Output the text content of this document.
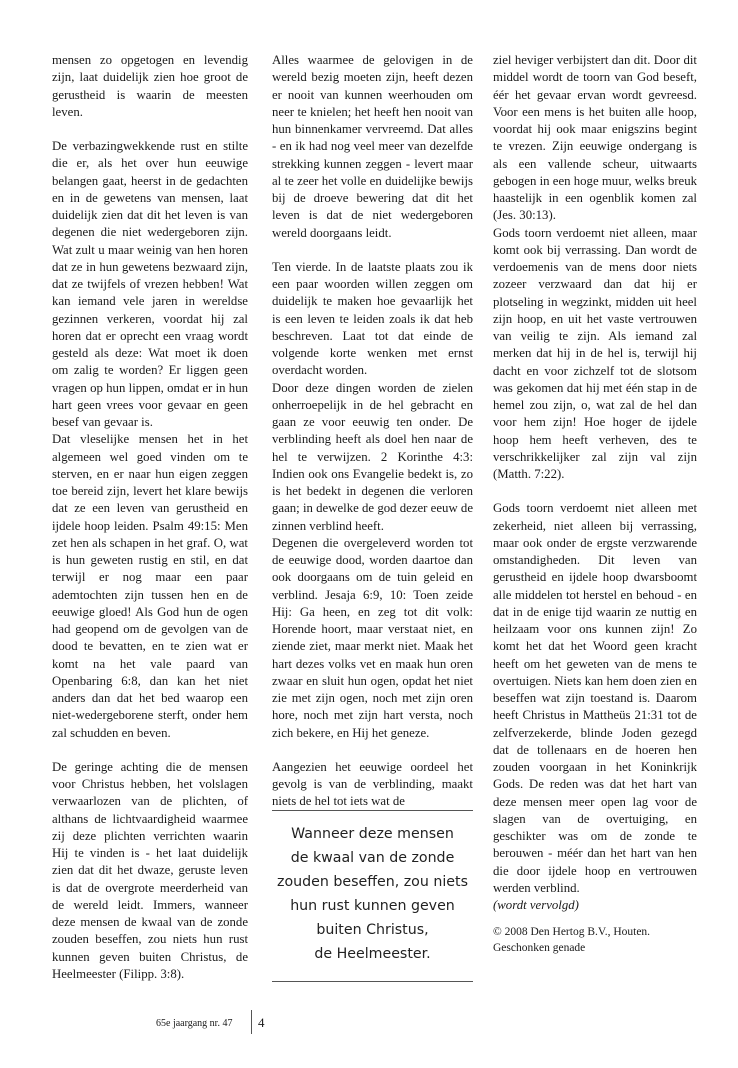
mensen zo opgetogen en levendig zijn, laat duidelijk zien hoe groot de gerustheid is waarin de meesten leven.

De verbazingwekkende rust en stilte die er, als het over hun eeuwige belangen gaat, heerst in de gedachten en in de gewetens van mensen, laat duidelijk zien dat dit het leven is van degenen die niet wedergeboren zijn. Wat zult u maar weinig van hen horen dat ze in hun gewetens bezwaard zijn, dat ze twijfels of vrezen hebben! Wat kan iemand vele jaren in wereldse gezinnen verkeren, voordat hij zal horen dat er oprecht een vraag wordt gesteld als deze: Wat moet ik doen om zalig te worden? Er liggen geen vragen op hun lippen, omdat er in hun hart geen vrees voor gevaar en geen besef van gevaar is.

Dat vleselijke mensen het in het algemeen wel goed vinden om te sterven, en er naar hun eigen zeggen toe bereid zijn, levert het klare bewijs dat ze een leven van gerustheid en ijdele hoop leiden. Psalm 49:15: Men zet hen als schapen in het graf. O, wat is hun geweten rustig en stil, en dat terwijl er nog maar een paar ademtochten zijn tussen hen en de eeuwige gloed! Als God hun de ogen had geopend om de gevolgen van de dood te bevatten, en te zien wat er komt na het vale paard van Openbaring 6:8, dan kan het niet anders dan dat het bed waarop een niet-wedergeborene sterft, onder hem zal schudden en beven.

De geringe achting die de mensen voor Christus hebben, het volslagen verwaarlozen van de plichten, of althans de lichtvaardigheid waarmee zij deze plichten verrichten waarin Hij te vinden is - het laat duidelijk zien dat dit het dwaze, geruste leven is dat de overgrote meerderheid van de wereld leidt. Immers, wanneer deze mensen de kwaal van de zonde zouden beseffen, zou niets hun rust kunnen geven buiten Christus, de Heelmeester (Filipp. 3:8).

Alles waarmee de gelovigen in de wereld bezig moeten zijn, heeft dezen er nooit van kunnen weerhouden om neer te knielen; het heeft hen nooit van hun binnenkamer vervreemd. Dat alles - en ik had nog veel meer van dezelfde strekking kunnen zeggen - levert maar al te zeer het volle en duidelijke bewijs bij de droeve bewering dat dit het leven is dat de niet wedergeboren wereld doorgaans leidt.

Ten vierde. In de laatste plaats zou ik een paar woorden willen zeggen om duidelijk te maken hoe gevaarlijk het is een leven te leiden zoals ik dat heb beschreven. Laat tot dat einde de volgende korte wenken met ernst overdacht worden.

Door deze dingen worden de zielen onherroepelijk in de hel gebracht en gaan ze voor eeuwig ten onder. De verblinding heeft als doel hen naar de hel te verwijzen. 2 Korinthe 4:3: Indien ook ons Evangelie bedekt is, zo is het bedekt in degenen die verloren gaan; in dewelke de god dezer eeuw de zinnen verblind heeft.

Degenen die overgeleverd worden tot de eeuwige dood, worden daartoe dan ook doorgaans om de tuin geleid en verblind. Jesaja 6:9, 10: Toen zeide Hij: Ga heen, en zeg tot dit volk: Horende hoort, maar verstaat niet, en ziende ziet, maar merkt niet. Maak het hart dezes volks vet en maak hun oren zwaar en sluit hun ogen, opdat het niet zie met zijn ogen, noch met zijn oren hore, noch met zijn hart versta, noch zich bekere, en Hij het geneze.

Aangezien het eeuwige oordeel het gevolg is van de verblinding, maakt niets de hel tot iets wat de

Wanneer deze mensen
de kwaal van de zonde
zouden beseffen, zou niets
hun rust kunnen geven
buiten Christus,
de Heelmeester.

ziel heviger verbijstert dan dit. Door dit middel wordt de toorn van God beseft, éér het gevaar ervan wordt gevreesd. Voor een mens is het buiten alle hoop, voordat hij ook maar enigszins begint te vrezen. Zijn eeuwige ondergang is als een vallende scheur, uitwaarts gebogen in een hoge muur, welks breuk haastelijk in een ogenblik komen zal (Jes. 30:13).

Gods toorn verdoemt niet alleen, maar komt ook bij verrassing. Dan wordt de verdoemenis van de mens door niets zozeer verzwaard dan dat hij er plotseling in wegzinkt, midden uit heel zijn hoop, en uit het vaste vertrouwen van veilig te zijn. Als iemand zal merken dat hij in de hel is, terwijl hij dacht en voor zichzelf tot de slotsom was gekomen dat hij met één stap in de hemel zou zijn, o, wat zal de hel dan voor hem zijn! Hoe hoger de ijdele hoop hem heeft verheven, des te verschrikkelijker zal zijn val zijn (Matth. 7:22).

Gods toorn verdoemt niet alleen met zekerheid, niet alleen bij verrassing, maar ook onder de ergste verzwarende omstandigheden. Dit leven van gerustheid en ijdele hoop dwarsboomt alle middelen tot herstel en behoud - en dat in de enige tijd waarin ze nuttig en heilzaam voor ons kunnen zijn! Zo komt het dat het Woord geen kracht heeft om het geweten van de mens te overtuigen. Niets kan hem doen zien en beseffen wat zijn toestand is. Daarom heeft Christus in Mattheüs 21:31 tot de zelfverzekerde, blinde Joden gezegd dat de tollenaars en de hoeren hen zouden voorgaan in het Koninkrijk Gods. De reden was dat het hart van deze mensen meer open lag voor de slagen van de overtuiging, en geschikter was om de zonde te berouwen - méér dan het hart van hen die door ijdele hoop en vertrouwen werden verblind.

(wordt vervolgd)

© 2008 Den Hertog B.V., Houten.
Geschonken genade
65e jaargang nr. 47 4
